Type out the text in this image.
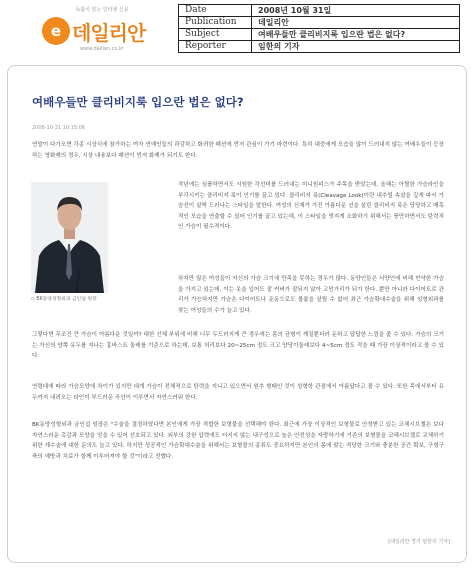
독룸이 있는 인터넷 신문
e 데일리안
www.dailian.co.kr
Date	2008년 10월 31일
Publication	데일리안
Subject	여배우들만 클리비지룩 입으란 법은 없다?
Reporter	임한의 기자
여배우들만 클리비지룩 입으란 법은 없다?
2008-10-31 10:15:06

연말이 다가오면 각종 시상식에 참가하는 여자 연예인들의 과감하고 화려한 패션에 먼저 관심이 가기 마련이다. 특히 대중에게 모습을 많이 드러내지 않는 여배우들이 등장하는 영화제의 경우, 시상 내용보다 패션이 먼저 화제가 되기도 한다.

◇ BK동양성형외과 금인섭 원장

작년에는 심플하면서도 시원한 각선미를 드러내는 미니원피스가 주목을 받았는데, 올해는 아찔한 가슴라인을 부각시키는 클리비지 룩이 인기를 끌고 있다. 클리비지 룩(Cleavage Look)이란 내추럴 속살을 깊게 파서 가슴선이 살짝 드러나는 스타일을 말한다. 여성의 신체가 가진 아름다운 선을 살린 클리비지 룩은 당당하고 매혹적인 모습을 연출할 수 있어 인기를 끌고 있는데, 이 스타일을 멋지게 소화하기 위해서는 풍만하면서도 탄력적인 가슴이 필수적이다.

하지만 많은 여성들이 자신의 가슴 크기에 만족을 못하는 경우가 많다. 동양인들은 서양인에 비해 빈약한 가슴을 가지고 있는데, 이는 옷을 입어도 잘 커버가 잘되지 않아 고민거리가 되기 한다. 뿐만 아니라 다이어트로 관리가 가능하지만 가슴은 다이어트나 운동으로도 볼륨을 살릴 수 없어 최근 가슴확대수술을 위해 성형외과를 찾는 여성들의 수가 늘고 있다.

그렇다면 무조건 큰 가슴이 아름다운 것일까? 대한 신체 부위에 비해 너무 두드러지게 큰 경우에는 몸의 균형이 깨질뿐더러 둔하고 답답한 느낌을 줄 수 있다. 가슴의 크기는 자신의 양쪽 유두를 지나는 흉바스트 둘레를 기준으로 하는데, 보통 허리보다 20~25cm 정도 크고 양당이둘레보다 4~5cm 정도 작을 때 가장 이상적이라고 볼 수 있다.

연령대에 따라 가슴모양에 차이가 있지만 대개 가슴이 전체적으로 탄력을 지니고 있으면서 원추 형태인 것이 성형학 관점에서 아름답다고 볼 수 있다. 또한 목에서부터 유두까지 내려오는 라인이 부드러운 곡선이 이루면서 자연스러워 한다.

BK동양성형외과 금인섭 원장은 "수술을 결정하였다면 본인에게 가장 적합한 보형물을 선택해야 한다. 최근에 가장 이상적인 보형물로 안정받고 있는 코헤시브젤은 보다 자연스러운 촉감과 모양을 얻을 수 있어 선호되고 있다. 외부의 강한 압력에도 터지지 않는 내구성으로 높은 안전성을 자랑하기에 기존의 보형물을 코헤시브젤로 교체하기 위한 재수술에 대한 문의도 늘고 있다. 하지만 성공적인 가슴확대수술을 위해서는 보형물의 종류도 중요하지만 본인의 몸에 맞는 적당한 크기와 충분한 공간 확보, 구형구축의 예방과 치료가 함께 이루어져야 할 것"이라고 전했다.

[데일리안 경기 임한의 기자]
